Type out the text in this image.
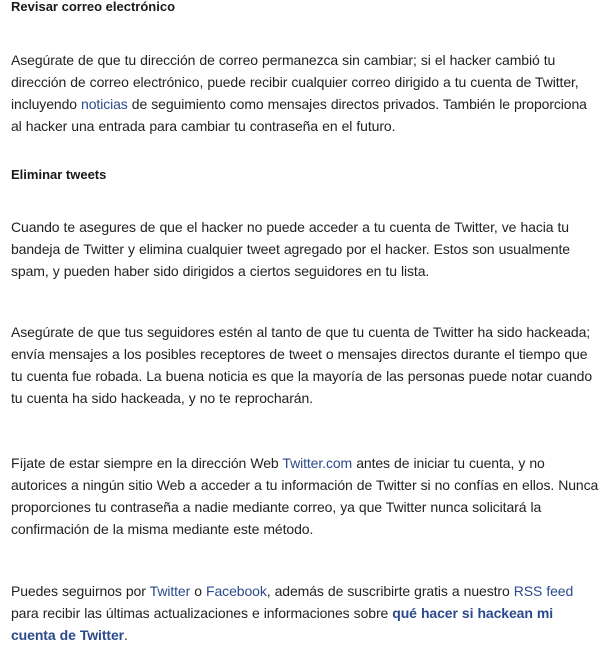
Revisar correo electrónico

Asegúrate de que tu dirección de correo permanezca sin cambiar; si el hacker cambió tu dirección de correo electrónico, puede recibir cualquier correo dirigido a tu cuenta de Twitter, incluyendo noticias de seguimiento como mensajes directos privados. También le proporciona al hacker una entrada para cambiar tu contraseña en el futuro.

Eliminar tweets

Cuando te asegures de que el hacker no puede acceder a tu cuenta de Twitter, ve hacia tu bandeja de Twitter y elimina cualquier tweet agregado por el hacker. Estos son usualmente spam, y pueden haber sido dirigidos a ciertos seguidores en tu lista.

Asegúrate de que tus seguidores estén al tanto de que tu cuenta de Twitter ha sido hackeada; envía mensajes a los posibles receptores de tweet o mensajes directos durante el tiempo que tu cuenta fue robada. La buena noticia es que la mayoría de las personas puede notar cuando tu cuenta ha sido hackeada, y no te reprocharán.

Fíjate de estar siempre en la dirección Web Twitter.com antes de iniciar tu cuenta, y no autorices a ningún sitio Web a acceder a tu información de Twitter si no confías en ellos. Nunca proporciones tu contraseña a nadie mediante correo, ya que Twitter nunca solicitará la confirmación de la misma mediante este método.

Puedes seguirnos por Twitter o Facebook, además de suscribirte gratis a nuestro RSS feed para recibir las últimas actualizaciones e informaciones sobre qué hacer si hackean mi cuenta de Twitter.
